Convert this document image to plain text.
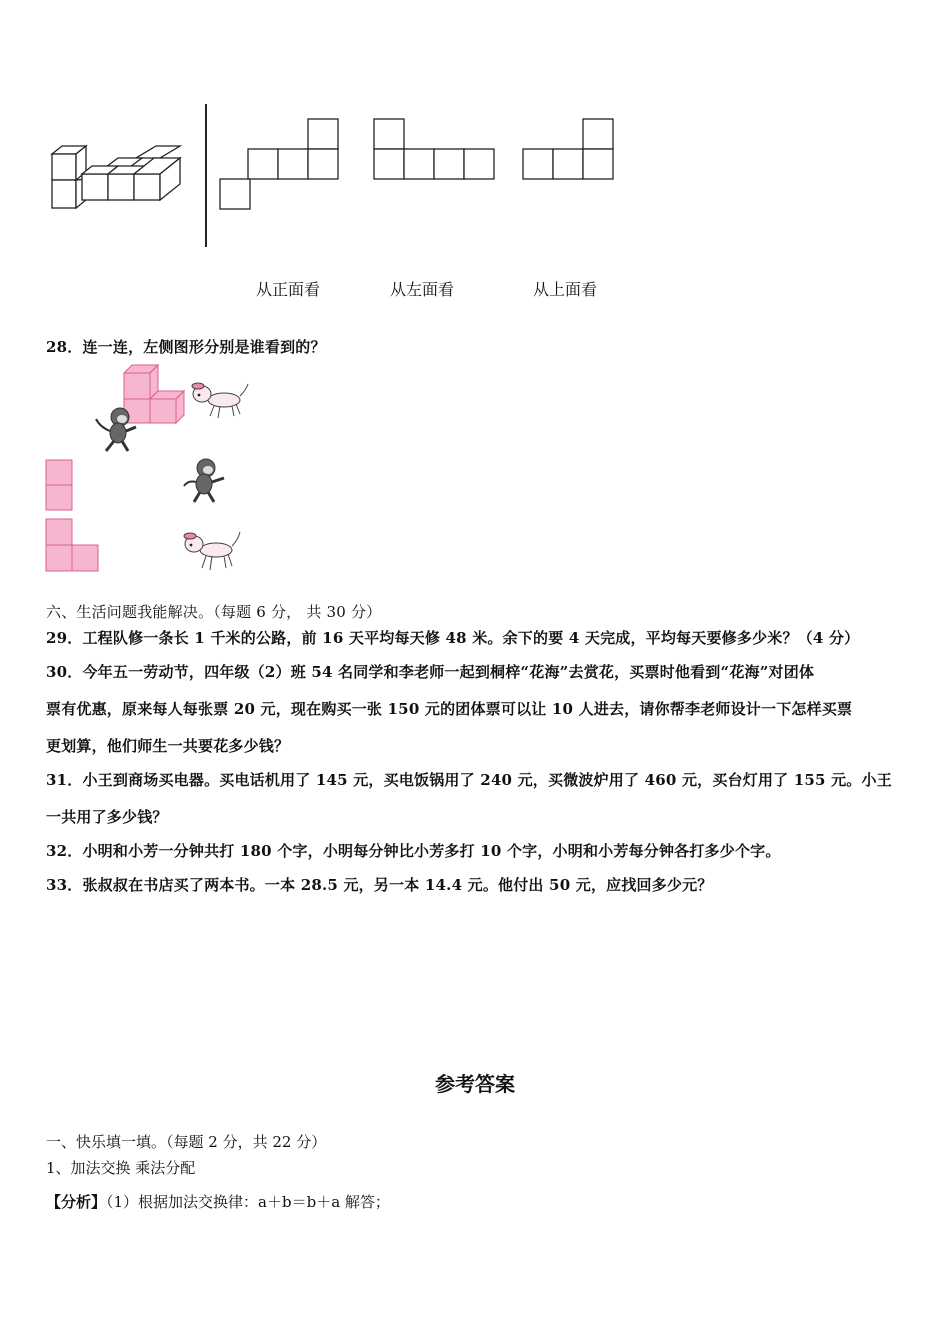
从正面看	从左面看	从上面看
28．连一连，左侧图形分别是谁看到的？
六、生活问题我能解决。（每题 6 分， 共 30 分）
29．工程队修一条长 1 千米的公路，前 16 天平均每天修 48 米。余下的要 4 天完成，平均每天要修多少米？（4 分）
30．今年五一劳动节，四年级（2）班 54 名同学和李老师一起到桐梓“花海”去赏花，买票时他看到“花海”对团体
票有优惠，原来每人每张票 20 元，现在购买一张 150 元的团体票可以让 10 人进去，请你帮李老师设计一下怎样买票
更划算，他们师生一共要花多少钱？
31．小王到商场买电器。买电话机用了 145 元，买电饭锅用了 240 元，买微波炉用了 460 元，买台灯用了 155 元。小王
一共用了多少钱？
32．小明和小芳一分钟共打 180 个字，小明每分钟比小芳多打 10 个字，小明和小芳每分钟各打多少个字。
33．张叔叔在书店买了两本书。一本 28.5 元，另一本 14.4 元。他付出 50 元，应找回多少元？
参考答案
一、快乐填一填。（每题 2 分，共 22 分）
1、加法交换 乘法分配
【分析】（1）根据加法交换律：a＋b＝b＋a 解答；
